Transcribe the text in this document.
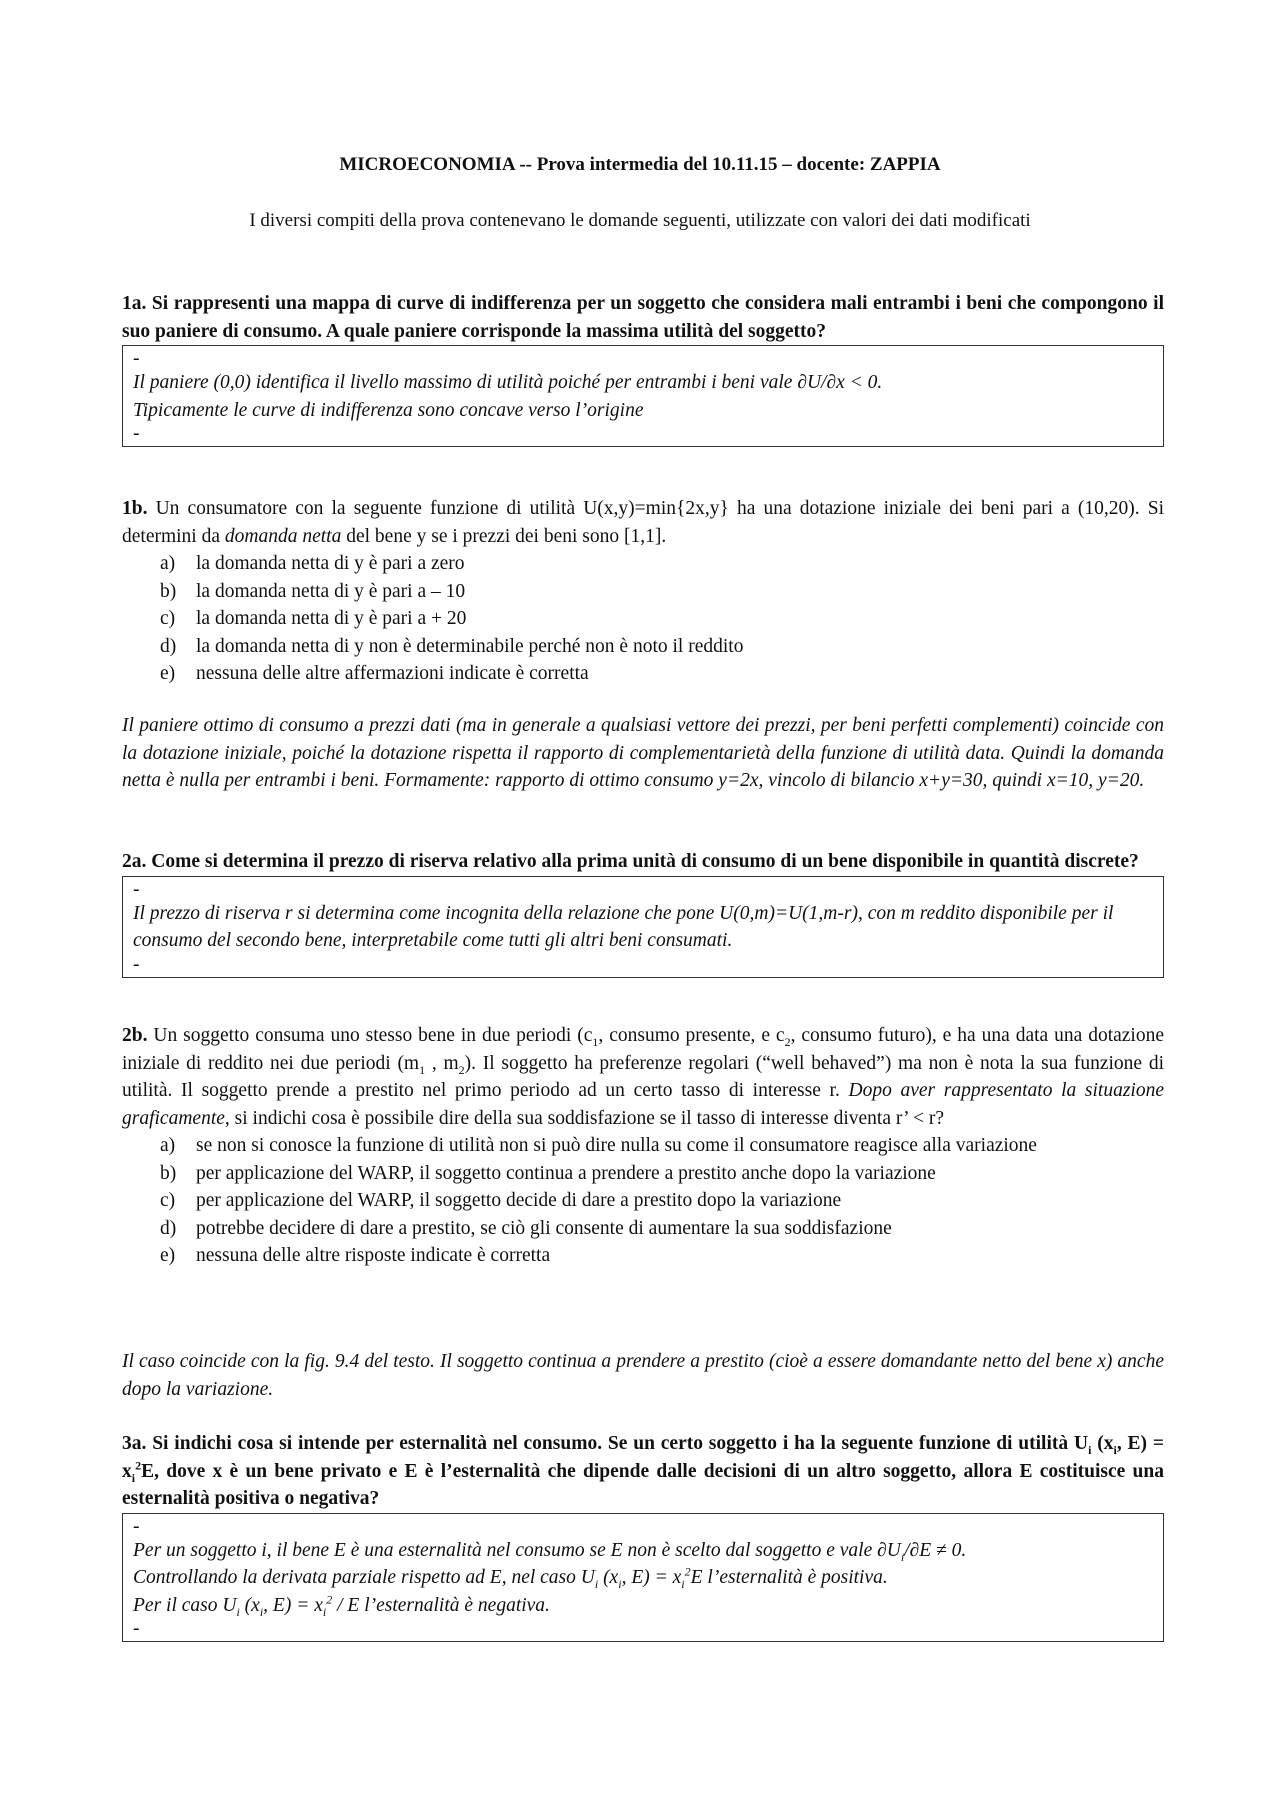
MICROECONOMIA -- Prova intermedia del 10.11.15 – docente: ZAPPIA
I diversi compiti della prova contenevano le domande seguenti, utilizzate con valori dei dati modificati
1a. Si rappresenti una mappa di curve di indifferenza per un soggetto che considera mali entrambi i beni che compongono il suo paniere di consumo. A quale paniere corrisponde la massima utilità del soggetto?
-
Il paniere (0,0) identifica il livello massimo di utilità poiché per entrambi i beni vale ∂U/∂x < 0.
Tipicamente le curve di indifferenza sono concave verso l’origine
-
1b. Un consumatore con la seguente funzione di utilità U(x,y)=min{2x,y} ha una dotazione iniziale dei beni pari a (10,20). Si determini da domanda netta del bene y se i prezzi dei beni sono [1,1].
a)	la domanda netta di y è pari a zero
b)	la domanda netta di y è pari a – 10
c)	la domanda netta di y è pari a + 20
d)	la domanda netta di y non è determinabile perché non è noto il reddito
e)	nessuna delle altre affermazioni indicate è corretta
Il paniere ottimo di consumo a prezzi dati (ma in generale a qualsiasi vettore dei prezzi, per beni perfetti complementi) coincide con la dotazione iniziale, poiché la dotazione rispetta il rapporto di complementarietà della funzione di utilità data. Quindi la domanda netta è nulla per entrambi i beni. Formamente: rapporto di ottimo consumo y=2x, vincolo di bilancio x+y=30, quindi x=10, y=20.
2a. Come si determina il prezzo di riserva relativo alla prima unità di consumo di un bene disponibile in quantità discrete?
-
Il prezzo di riserva r si determina come incognita della relazione che pone U(0,m)=U(1,m-r), con m reddito disponibile per il consumo del secondo bene, interpretabile come tutti gli altri beni consumati.
-
2b. Un soggetto consuma uno stesso bene in due periodi ($c_1$, consumo presente, e $c_2$, consumo futuro), e ha una data una dotazione iniziale di reddito nei due periodi ($m_1$ , $m_2$). Il soggetto ha preferenze regolari (“well behaved”) ma non è nota la sua funzione di utilità. Il soggetto prende a prestito nel primo periodo ad un certo tasso di interesse r. Dopo aver rappresentato la situazione graficamente, si indichi cosa è possibile dire della sua soddisfazione se il tasso di interesse diventa r’ < r?
a)	se non si conosce la funzione di utilità non si può dire nulla su come il consumatore reagisce alla variazione
b)	per applicazione del WARP, il soggetto continua a prendere a prestito anche dopo la variazione
c)	per applicazione del WARP, il soggetto decide di dare a prestito dopo la variazione
d)	potrebbe decidere di dare a prestito, se ciò gli consente di aumentare la sua soddisfazione
e)	nessuna delle altre risposte indicate è corretta
Il caso coincide con la fig. 9.4 del testo. Il soggetto continua a prendere a prestito (cioè a essere domandante netto del bene x) anche dopo la variazione.
3a. Si indichi cosa si intende per esternalità nel consumo. Se un certo soggetto i ha la seguente funzione di utilità $U_i$ ($x_i$, $E) = x_i^2E$, dove x è un bene privato e E è l’esternalità che dipende dalle decisioni di un altro soggetto, allora E costituisce una esternalità positiva o negativa?
-
Per un soggetto i, il bene E è una esternalità nel consumo se E non è scelto dal soggetto e vale $\partial U_i/\partial E \ne 0$.
Controllando la derivata parziale rispetto ad E, nel caso $U_i$ ($x_i$, $E) = x_i^2E$ l’esternalità è positiva.
Per il caso $U_i$ ($x_i$, $E) = x_i^2 / E$ l’esternalità è negativa.
-
